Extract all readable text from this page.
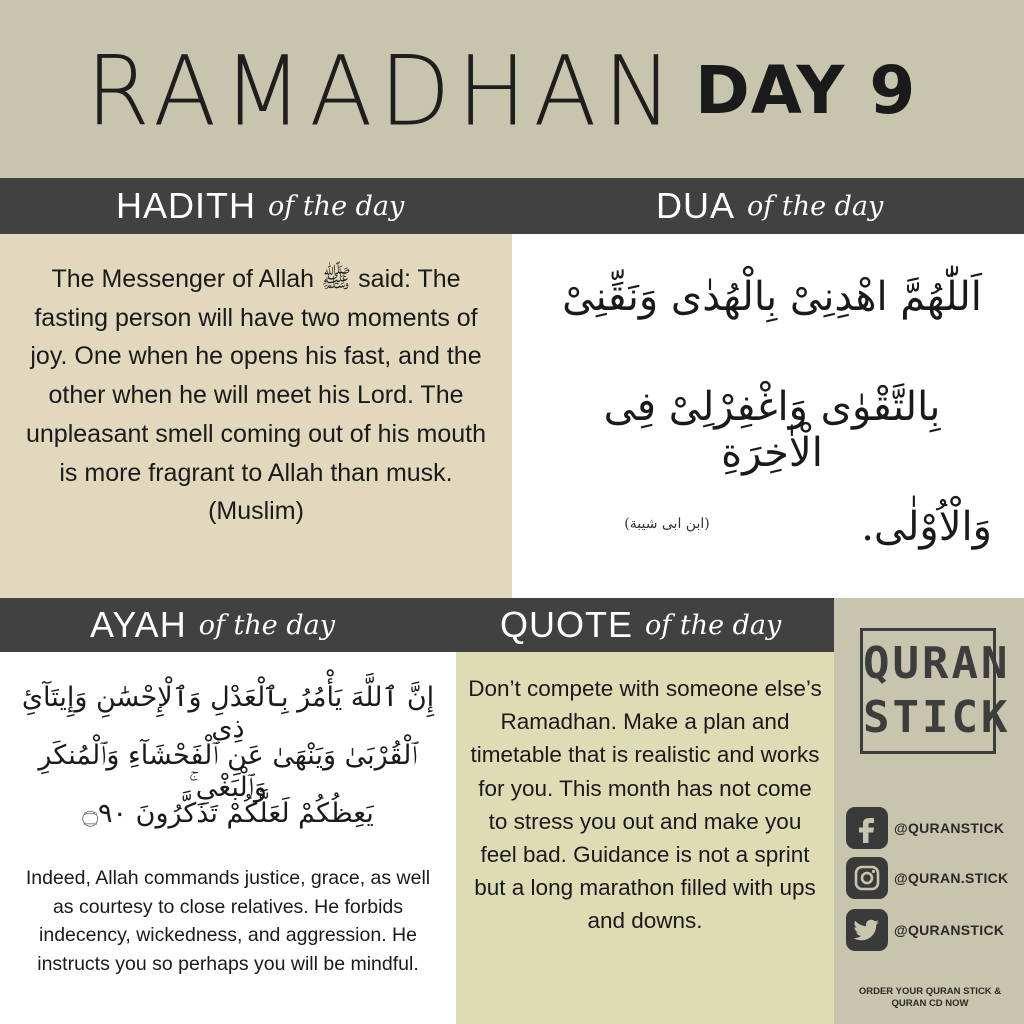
RAMADHAN DAY 9
HADITH of the day	DUA of the day
The Messenger of Allah ﷺ said: The fasting person will have two moments of joy. One when he opens his fast, and the other when he will meet his Lord. The unpleasant smell coming out of his mouth is more fragrant to Allah than musk. (Muslim)
اَللّٰهُمَّ اهْدِنِىْ بِالْهُدٰى وَنَقِّنِىْ
بِالتَّقْوٰى وَاغْفِرْلِىْ فِى الْاٰخِرَةِ
وَالْاُوْلٰى.
(ابن ابی شیبة)
AYAH of the day	QUOTE of the day
إِنَّ ٱللَّهَ يَأْمُرُ بِٱلْعَدْلِ وَٱلْإِحْسَٰنِ وَإِيتَآئِ ذِى
ٱلْقُرْبَىٰ وَيَنْهَىٰ عَنِ ٱلْفَحْشَآءِ وَٱلْمُنكَرِ وَٱلْبَغْىِ ۚ
يَعِظُكُمْ لَعَلَّكُمْ تَذَكَّرُونَ ۝٩٠
Indeed, Allah commands justice, grace, as well as courtesy to close relatives. He forbids indecency, wickedness, and aggression. He instructs you so perhaps you will be mindful.
Don’t compete with someone else’s Ramadhan. Make a plan and timetable that is realistic and works for you. This month has not come to stress you out and make you feel bad. Guidance is not a sprint but a long marathon filled with ups and downs.
QURAN
STICK
@QURANSTICK
@QURAN.STICK
@QURANSTICK
ORDER YOUR QURAN STICK & QURAN CD NOW
